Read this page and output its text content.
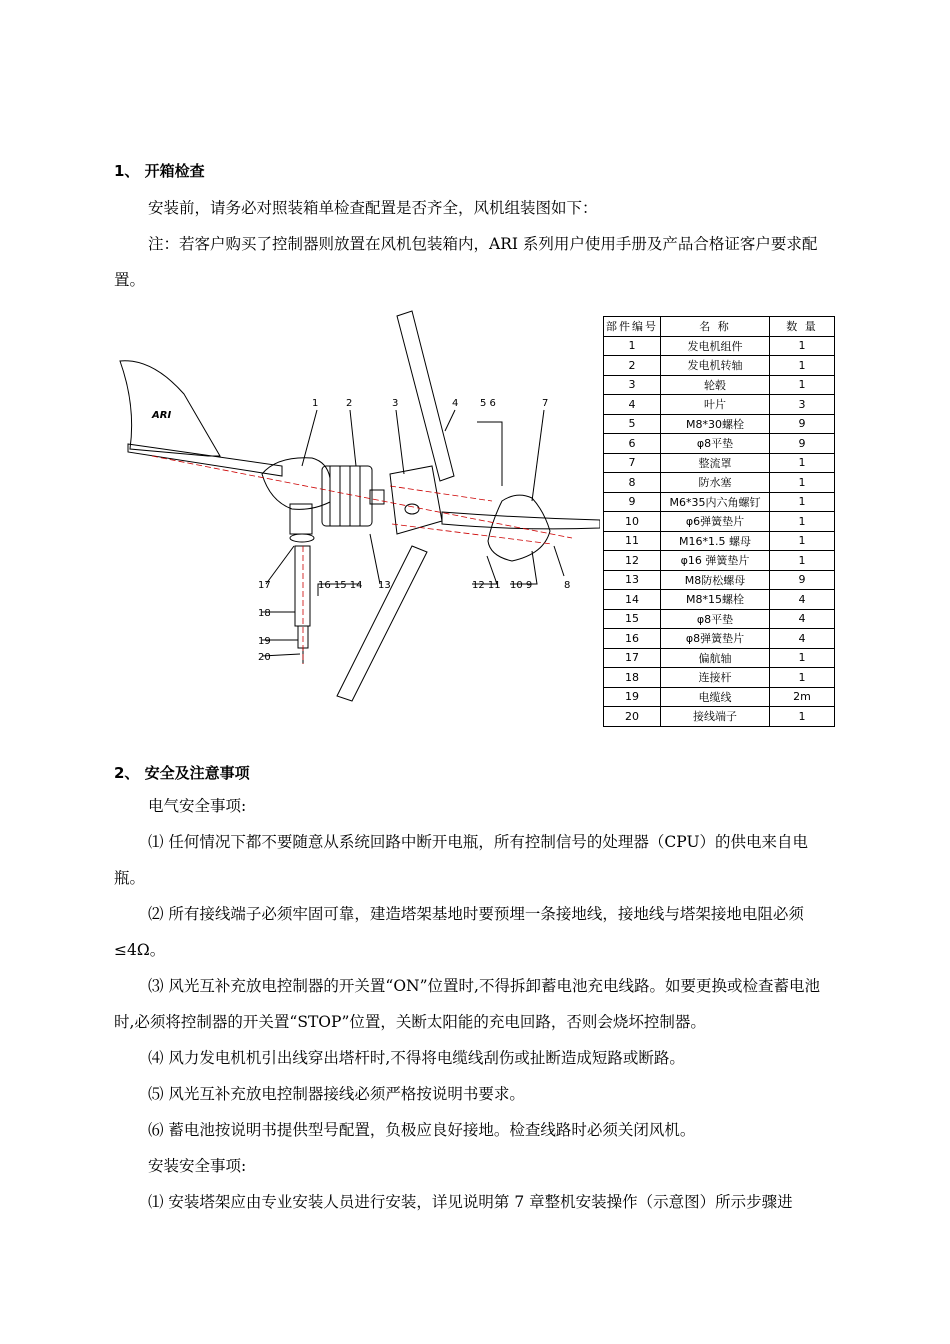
1、 开箱检查
安装前，请务必对照装箱单检查配置是否齐全，风机组装图如下：
注：若客户购买了控制器则放置在风机包装箱内，ARI 系列用户使用手册及产品合格证客户要求配置。
ARI
1	2	3	4 5 6	7
17	16 15 14 13	12 11 10 9	8
18
19
20
部件编号	名 称	数 量
1	发电机组件	1
2	发电机转轴	1
3	轮毂	1
4	叶片	3
5	M8*30螺栓	9
6	φ8平垫	9
7	整流罩	1
8	防水塞	1
9	M6*35内六角螺钉	1
10	φ6弹簧垫片	1
11	M16*1.5 螺母	1
12	φ16 弹簧垫片	1
13	M8防松螺母	9
14	M8*15螺栓	4
15	φ8平垫	4
16	φ8弹簧垫片	4
17	偏航轴	1
18	连接杆	1
19	电缆线	2m
20	接线端子	1
2、 安全及注意事项
电气安全事项:
⑴ 任何情况下都不要随意从系统回路中断开电瓶，所有控制信号的处理器（CPU）的供电来自电瓶。
⑵ 所有接线端子必须牢固可靠，建造塔架基地时要预埋一条接地线，接地线与塔架接地电阻必须≤4Ω。
⑶ 风光互补充放电控制器的开关置“ON”位置时,不得拆卸蓄电池充电线路。如要更换或检查蓄电池时,必须将控制器的开关置“STOP”位置，关断太阳能的充电回路，否则会烧坏控制器。
⑷ 风力发电机机引出线穿出塔杆时,不得将电缆线刮伤或扯断造成短路或断路。
⑸ 风光互补充放电控制器接线必须严格按说明书要求。
⑹ 蓄电池按说明书提供型号配置，负极应良好接地。检查线路时必须关闭风机。
安装安全事项:
⑴ 安装塔架应由专业安装人员进行安装，详见说明第 7 章整机安装操作（示意图）所示步骤进
